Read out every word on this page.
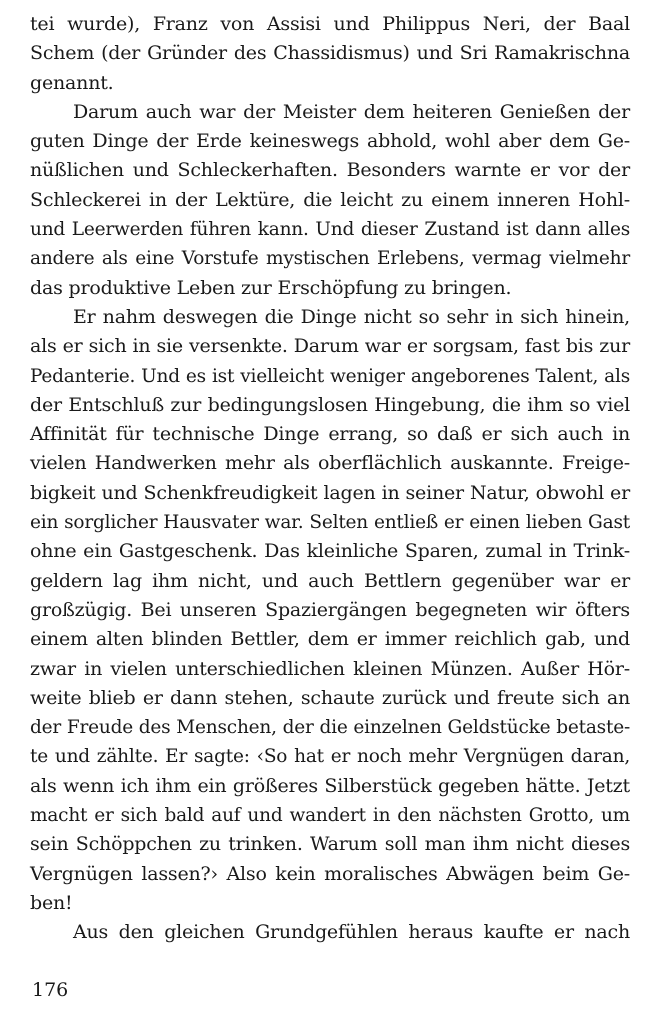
tei wurde), Franz von Assisi und Philippus Neri, der Baal
Schem (der Gründer des Chassidismus) und Sri Ramakrischna
genannt.
Darum auch war der Meister dem heiteren Genießen der
guten Dinge der Erde keineswegs abhold, wohl aber dem Ge-
nüßlichen und Schleckerhaften. Besonders warnte er vor der
Schleckerei in der Lektüre, die leicht zu einem inneren Hohl-
und Leerwerden führen kann. Und dieser Zustand ist dann alles
andere als eine Vorstufe mystischen Erlebens, vermag vielmehr
das produktive Leben zur Erschöpfung zu bringen.
Er nahm deswegen die Dinge nicht so sehr in sich hinein,
als er sich in sie versenkte. Darum war er sorgsam, fast bis zur
Pedanterie. Und es ist vielleicht weniger angeborenes Talent, als
der Entschluß zur bedingungslosen Hingebung, die ihm so viel
Affinität für technische Dinge errang, so daß er sich auch in
vielen Handwerken mehr als oberflächlich auskannte. Freige-
bigkeit und Schenkfreudigkeit lagen in seiner Natur, obwohl er
ein sorglicher Hausvater war. Selten entließ er einen lieben Gast
ohne ein Gastgeschenk. Das kleinliche Sparen, zumal in Trink-
geldern lag ihm nicht, und auch Bettlern gegenüber war er
großzügig. Bei unseren Spaziergängen begegneten wir öfters
einem alten blinden Bettler, dem er immer reichlich gab, und
zwar in vielen unterschiedlichen kleinen Münzen. Außer Hör-
weite blieb er dann stehen, schaute zurück und freute sich an
der Freude des Menschen, der die einzelnen Geldstücke betaste-
te und zählte. Er sagte: ‹So hat er noch mehr Vergnügen daran,
als wenn ich ihm ein größeres Silberstück gegeben hätte. Jetzt
macht er sich bald auf und wandert in den nächsten Grotto, um
sein Schöppchen zu trinken. Warum soll man ihm nicht dieses
Vergnügen lassen?› Also kein moralisches Abwägen beim Ge-
ben!
Aus den gleichen Grundgefühlen heraus kaufte er nach
176
